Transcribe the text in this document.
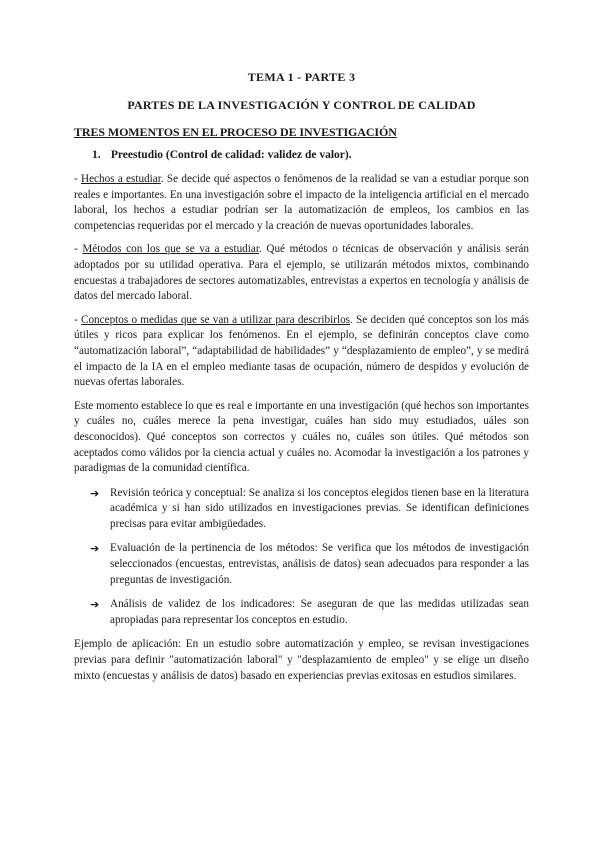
TEMA 1 - PARTE 3
PARTES DE LA INVESTIGACIÓN Y CONTROL DE CALIDAD
TRES MOMENTOS EN EL PROCESO DE INVESTIGACIÓN
1. Preestudio (Control de calidad: validez de valor).

- Hechos a estudiar. Se decide qué aspectos o fenómenos de la realidad se van a estudiar porque son reales e importantes. En una investigación sobre el impacto de la inteligencia artificial en el mercado laboral, los hechos a estudiar podrían ser la automatización de empleos, los cambios en las competencias requeridas por el mercado y la creación de nuevas oportunidades laborales.

- Métodos con los que se va a estudiar. Qué métodos o técnicas de observación y análisis serán adoptados por su utilidad operativa. Para el ejemplo, se utilizarán métodos mixtos, combinando encuestas a trabajadores de sectores automatizables, entrevistas a expertos en tecnología y análisis de datos del mercado laboral.

- Conceptos o medidas que se van a utilizar para describirlos. Se deciden qué conceptos son los más útiles y ricos para explicar los fenómenos. En el ejemplo, se definirán conceptos clave como “automatización laboral”, “adaptabilidad de habilidades” y “desplazamiento de empleo”, y se medirá el impacto de la IA en el empleo mediante tasas de ocupación, número de despidos y evolución de nuevas ofertas laborales.

Este momento establece lo que es real e importante en una investigación (qué hechos son importantes y cuáles no, cuáles merece la pena investigar, cuáles han sido muy estudiados, uáles son desconocidos). Qué conceptos son correctos y cuáles no, cuáles son útiles. Qué métodos son aceptados como válidos por la ciencia actual y cuáles no. Acomodar la investigación a los patrones y paradigmas de la comunidad científica.

➔ Revisión teórica y conceptual: Se analiza si los conceptos elegidos tienen base en la literatura académica y si han sido utilizados en investigaciones previas. Se identifican definiciones precisas para evitar ambigüedades.
➔ Evaluación de la pertinencia de los métodos: Se verifica que los métodos de investigación seleccionados (encuestas, entrevistas, análisis de datos) sean adecuados para responder a las preguntas de investigación.
➔ Análisis de validez de los indicadores: Se aseguran de que las medidas utilizadas sean apropiadas para representar los conceptos en estudio.

Ejemplo de aplicación: En un estudio sobre automatización y empleo, se revisan investigaciones previas para definir "automatización laboral" y "desplazamiento de empleo" y se elige un diseño mixto (encuestas y análisis de datos) basado en experiencias previas exitosas en estudios similares.
